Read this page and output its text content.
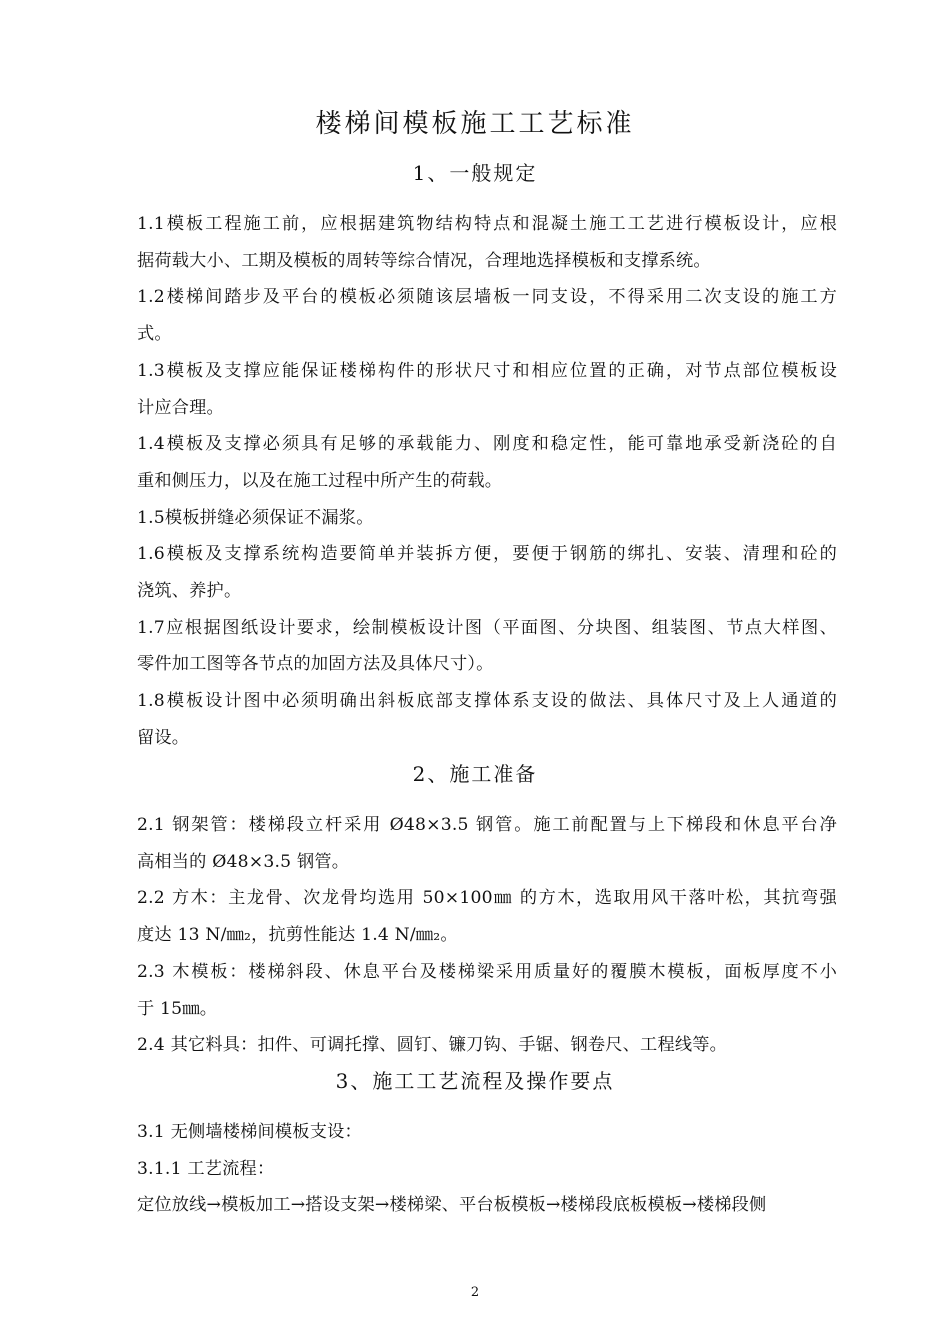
楼梯间模板施工工艺标准
1、一般规定
1.1模板工程施工前，应根据建筑物结构特点和混凝土施工工艺进行模板设计，应根
据荷载大小、工期及模板的周转等综合情况，合理地选择模板和支撑系统。
1.2楼梯间踏步及平台的模板必须随该层墙板一同支设，不得采用二次支设的施工方
式。
1.3模板及支撑应能保证楼梯构件的形状尺寸和相应位置的正确，对节点部位模板设
计应合理。
1.4模板及支撑必须具有足够的承载能力、刚度和稳定性，能可靠地承受新浇砼的自
重和侧压力，以及在施工过程中所产生的荷载。
1.5模板拼缝必须保证不漏浆。
1.6模板及支撑系统构造要简单并装拆方便，要便于钢筋的绑扎、安装、清理和砼的
浇筑、养护。
1.7应根据图纸设计要求，绘制模板设计图（平面图、分块图、组装图、节点大样图、
零件加工图等各节点的加固方法及具体尺寸）。
1.8模板设计图中必须明确出斜板底部支撑体系支设的做法、具体尺寸及上人通道的
留设。
2、施工准备
2.1 钢架管：楼梯段立杆采用 Ø48×3.5 钢管。施工前配置与上下梯段和休息平台净
高相当的 Ø48×3.5 钢管。
2.2 方木：主龙骨、次龙骨均选用 50×100㎜ 的方木，选取用风干落叶松，其抗弯强
度达 13 N/㎜₂，抗剪性能达 1.4 N/㎜₂。
2.3 木模板：楼梯斜段、休息平台及楼梯梁采用质量好的覆膜木模板，面板厚度不小
于 15㎜。
2.4 其它料具：扣件、可调托撑、圆钉、镰刀钩、手锯、钢卷尺、工程线等。
3、施工工艺流程及操作要点
3.1 无侧墙楼梯间模板支设：
3.1.1 工艺流程：
定位放线→模板加工→搭设支架→楼梯梁、平台板模板→楼梯段底板模板→楼梯段侧
2
